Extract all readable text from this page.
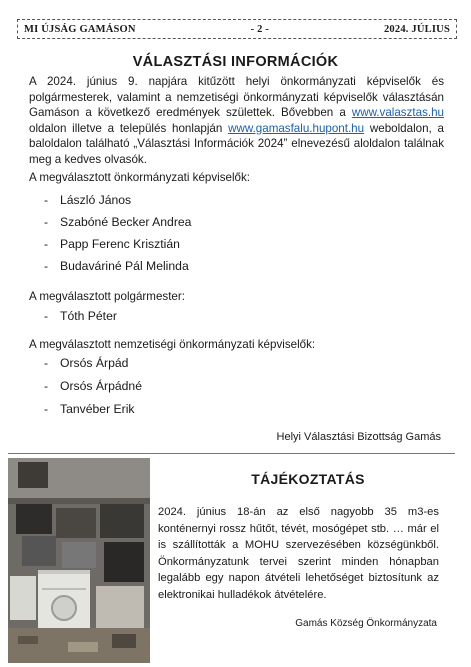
MI ÚJSÁG GAMÁSON	- 2 -	2024. JÚLIUS
VÁLASZTÁSI INFORMÁCIÓK

A 2024. június 9. napjára kitűzött helyi önkormányzati képviselők és polgármesterek, valamint a nemzetiségi önkormányzati képviselők választásán Gamáson a következő eredmények születtek. Bővebben a www.valasztas.hu oldalon illetve a település honlapján www.gamasfalu.hupont.hu weboldalon, a baloldalon található „Választási Információk 2024” elnevezésű aloldalon találnak meg a kedves olvasók.

A megválasztott önkormányzati képviselők:

- László János

- Szabóné Becker Andrea

- Papp Ferenc Krisztián

- Budaváriné Pál Melinda

A megválasztott polgármester:

- Tóth Péter

A megválasztott nemzetiségi önkormányzati képviselők:

- Orsós Árpád

- Orsós Árpádné

- Tanvéber Erik

Helyi Választási Bizottság Gamás
TÁJÉKOZTATÁS

2024. június 18-án az első nagyobb 35 m3-es konténernyi rossz hűtőt, tévét, mosógépet stb. … már el is szállították a MOHU szervezésében községünkből. Önkormányzatunk tervei szerint minden hónapban legalább egy napon átvételi lehetőséget biztosítunk az elektronikai hulladékok átvételére.

Gamás Község Önkormányzata
